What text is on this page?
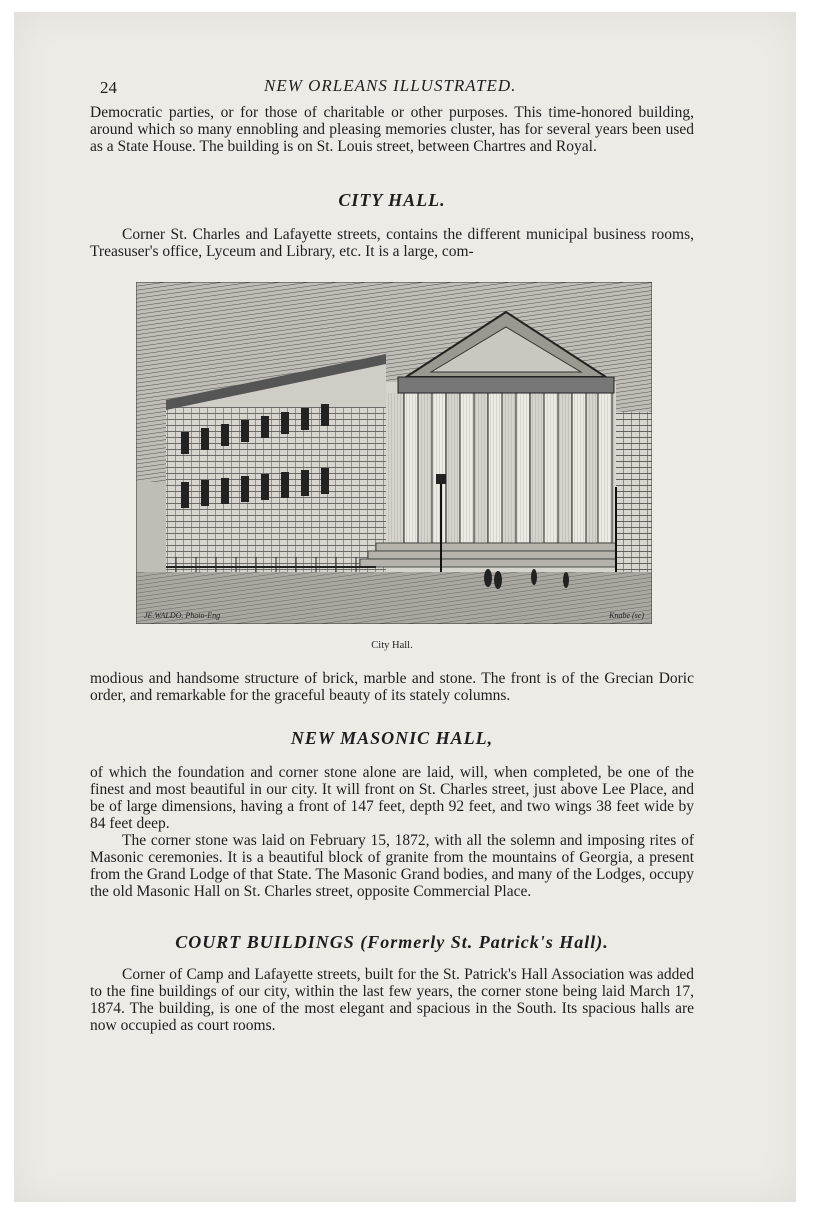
24	NEW ORLEANS ILLUSTRATED.

Democratic parties, or for those of charitable or other purposes. This time-honored building, around which so many ennobling and pleasing memories cluster, has for several years been used as a State House. The building is on St. Louis street, between Chartres and Royal.

CITY HALL.

Corner St. Charles and Lafayette streets, contains the different municipal business rooms, Treasuser's office, Lyceum and Library, etc. It is a large, com-

JE.WALDO. Photo-Eng	Knabe (sc)
City Hall.

modious and handsome structure of brick, marble and stone. The front is of the Grecian Doric order, and remarkable for the graceful beauty of its stately columns.

NEW MASONIC HALL,

of which the foundation and corner stone alone are laid, will, when completed, be one of the finest and most beautiful in our city. It will front on St. Charles street, just above Lee Place, and be of large dimensions, having a front of 147 feet, depth 92 feet, and two wings 38 feet wide by 84 feet deep.

The corner stone was laid on February 15, 1872, with all the solemn and imposing rites of Masonic ceremonies. It is a beautiful block of granite from the mountains of Georgia, a present from the Grand Lodge of that State. The Masonic Grand bodies, and many of the Lodges, occupy the old Masonic Hall on St. Charles street, opposite Commercial Place.

COURT BUILDINGS (Formerly St. Patrick's Hall).

Corner of Camp and Lafayette streets, built for the St. Patrick's Hall Association was added to the fine buildings of our city, within the last few years, the corner stone being laid March 17, 1874. The building, is one of the most elegant and spacious in the South. Its spacious halls are now occupied as court rooms.
